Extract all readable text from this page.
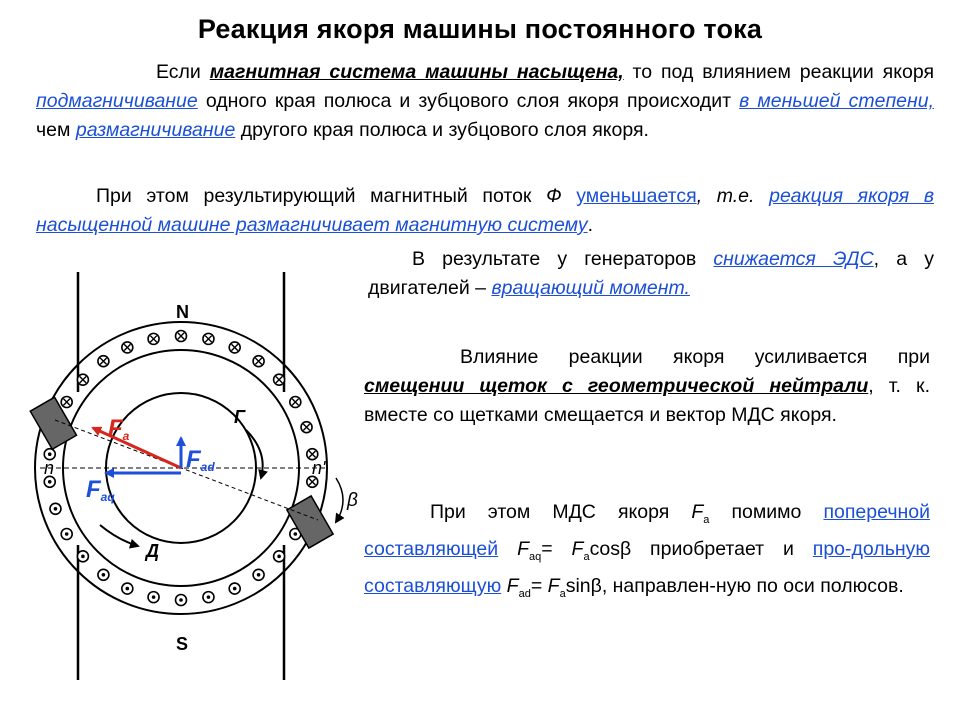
Реакция якоря машины постоянного тока

Если магнитная система машины насыщена, то под влиянием реакции якоря подмагничивание одного края полюса и зубцового слоя якоря происходит в меньшей степени, чем размагничивание другого края полюса и зубцового слоя якоря.

При этом результирующий магнитный поток Ф уменьшается, т.е. реакция якоря в насыщенной машине размагничивает магнитную систему.

В результате у генераторов снижается ЭДС, а у двигателей – вращающий момент.

Влияние реакции якоря усиливается при смещении щеток с геометрической нейтрали, т. к. вместе со щетками смещается и вектор МДС якоря.

При этом МДС якоря $F_а$ помимо поперечной составляющей $F_{aq}= F_a\cos\beta$ приобретает и про-дольную составляющую $F_{ad}= F_a\sin\beta$, направлен-ную по оси полюсов.

N
S
n	n'
Г
Д
β
$F_a$
$F_{ad}$
$F_{aq}$
